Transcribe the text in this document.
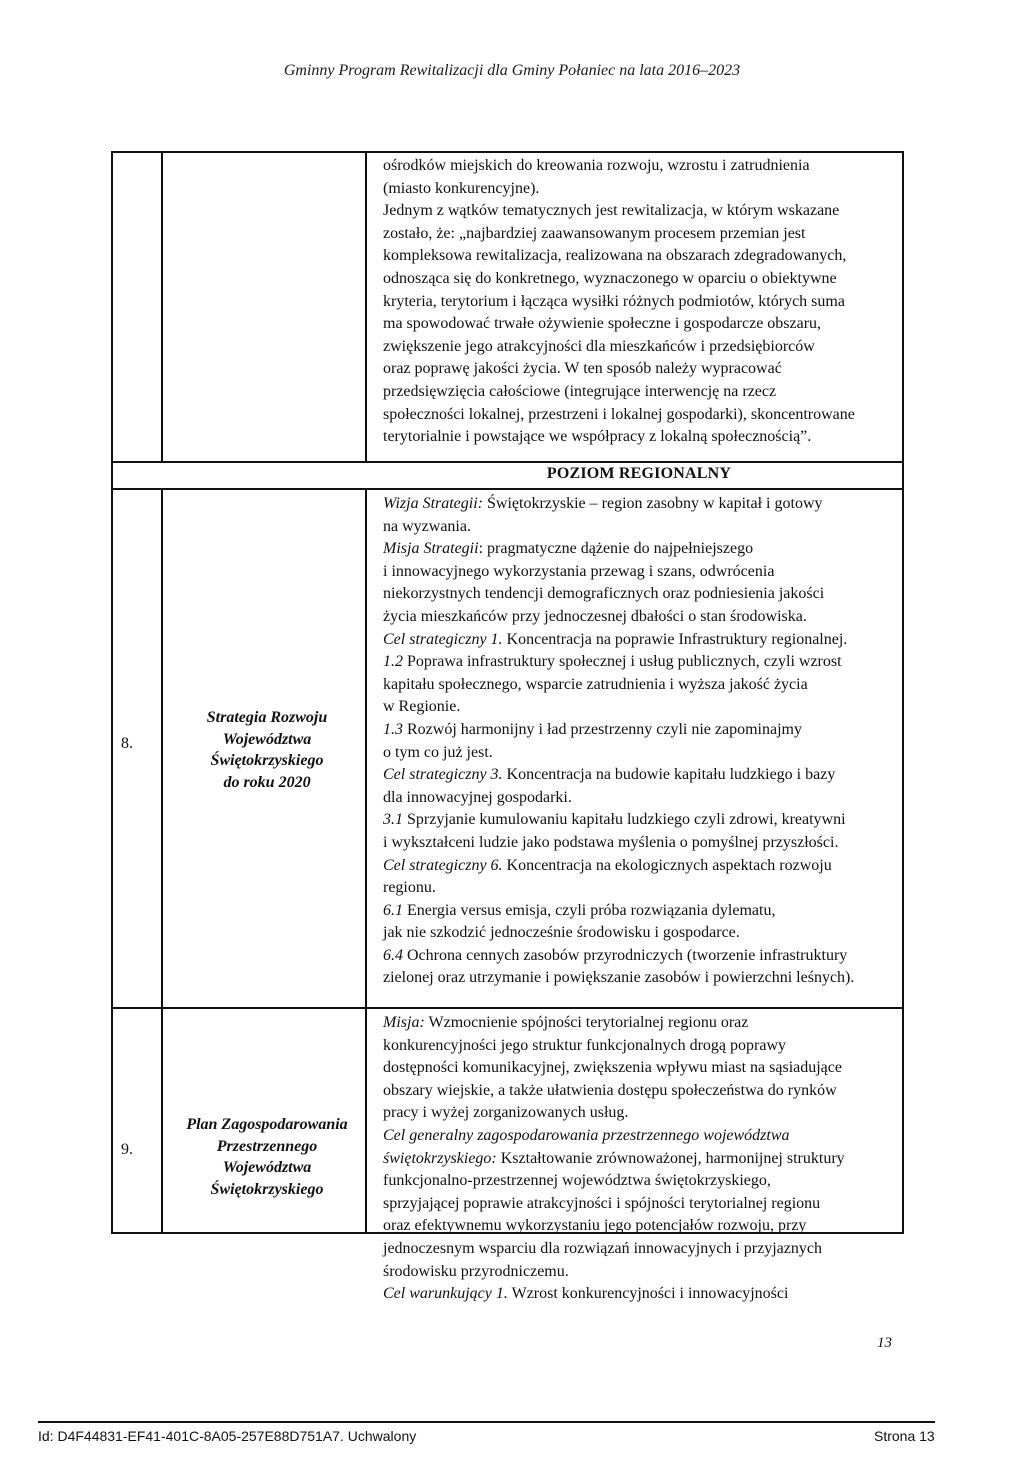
Gminny Program Rewitalizacji dla Gminy Połaniec na lata 2016–2023

ośrodków miejskich do kreowania rozwoju, wzrostu i zatrudnienia

(miasto konkurencyjne).

Jednym z wątków tematycznych jest rewitalizacja, w którym wskazane

zostało, że: „najbardziej zaawansowanym procesem przemian jest

kompleksowa rewitalizacja, realizowana na obszarach zdegradowanych,

odnosząca się do konkretnego, wyznaczonego w oparciu o obiektywne

kryteria, terytorium i łącząca wysiłki różnych podmiotów, których suma

ma spowodować trwałe ożywienie społeczne i gospodarcze obszaru,

zwiększenie jego atrakcyjności dla mieszkańców i przedsiębiorców

oraz poprawę jakości życia. W ten sposób należy wypracować

przedsięwzięcia całościowe (integrujące interwencję na rzecz

społeczności lokalnej, przestrzeni i lokalnej gospodarki), skoncentrowane

terytorialnie i powstające we współpracy z lokalną społecznością”.

POZIOM REGIONALNY
8.
Strategia Rozwoju
Województwa
Świętokrzyskiego
do roku 2020

Wizja Strategii: Świętokrzyskie – region zasobny w kapitał i gotowy

na wyzwania.

Misja Strategii: pragmatyczne dążenie do najpełniejszego

i innowacyjnego wykorzystania przewag i szans, odwrócenia

niekorzystnych tendencji demograficznych oraz podniesienia jakości

życia mieszkańców przy jednoczesnej dbałości o stan środowiska.

Cel strategiczny 1. Koncentracja na poprawie Infrastruktury regionalnej.

1.2 Poprawa infrastruktury społecznej i usług publicznych, czyli wzrost

kapitału społecznego, wsparcie zatrudnienia i wyższa jakość życia

w Regionie.

1.3 Rozwój harmonijny i ład przestrzenny czyli nie zapominajmy

o tym co już jest.

Cel strategiczny 3. Koncentracja na budowie kapitału ludzkiego i bazy

dla innowacyjnej gospodarki.

3.1 Sprzyjanie kumulowaniu kapitału ludzkiego czyli zdrowi, kreatywni

i wykształceni ludzie jako podstawa myślenia o pomyślnej przyszłości.

Cel strategiczny 6. Koncentracja na ekologicznych aspektach rozwoju

regionu.

6.1 Energia versus emisja, czyli próba rozwiązania dylematu,

jak nie szkodzić jednocześnie środowisku i gospodarce.

6.4 Ochrona cennych zasobów przyrodniczych (tworzenie infrastruktury

zielonej oraz utrzymanie i powiększanie zasobów i powierzchni leśnych).

9.
Plan Zagospodarowania
Przestrzennego
Województwa
Świętokrzyskiego

Misja: Wzmocnienie spójności terytorialnej regionu oraz

konkurencyjności jego struktur funkcjonalnych drogą poprawy

dostępności komunikacyjnej, zwiększenia wpływu miast na sąsiadujące

obszary wiejskie, a także ułatwienia dostępu społeczeństwa do rynków

pracy i wyżej zorganizowanych usług.

Cel generalny zagospodarowania przestrzennego województwa

świętokrzyskiego: Kształtowanie zrównoważonej, harmonijnej struktury

funkcjonalno-przestrzennej województwa świętokrzyskiego,

sprzyjającej poprawie atrakcyjności i spójności terytorialnej regionu

oraz efektywnemu wykorzystaniu jego potencjałów rozwoju, przy

jednoczesnym wsparciu dla rozwiązań innowacyjnych i przyjaznych

środowisku przyrodniczemu.

Cel warunkujący 1. Wzrost konkurencyjności i innowacyjności

13
Id: D4F44831-EF41-401C-8A05-257E88D751A7. Uchwalony	Strona 13
